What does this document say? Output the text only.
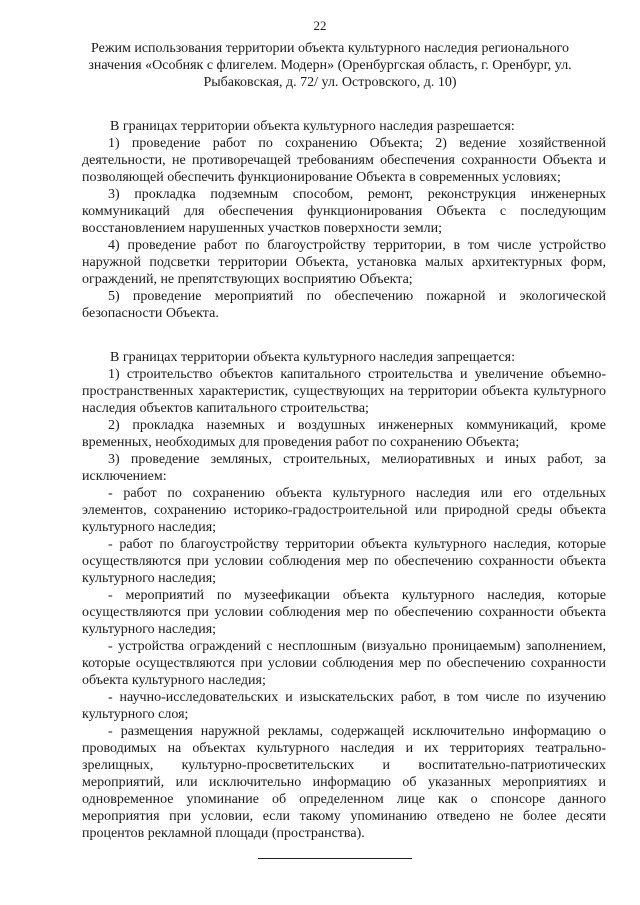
22
Режим использования территории объекта культурного наследия регионального значения «Особняк с флигелем. Модерн» (Оренбургская область, г. Оренбург, ул. Рыбаковская, д. 72/ ул. Островского, д. 10)

В границах территории объекта культурного наследия разрешается:

1) проведение работ по сохранению Объекта; 2) ведение хозяйственной деятельности, не противоречащей требованиям обеспечения сохранности Объекта и позволяющей обеспечить функционирование Объекта в современных условиях;

3) прокладка подземным способом, ремонт, реконструкция инженерных коммуникаций для обеспечения функционирования Объекта с последующим восстановлением нарушенных участков поверхности земли;

4) проведение работ по благоустройству территории, в том числе устройство наружной подсветки территории Объекта, установка малых архитектурных форм, ограждений, не препятствующих восприятию Объекта;

5) проведение мероприятий по обеспечению пожарной и экологической безопасности Объекта.

В границах территории объекта культурного наследия запрещается:

1) строительство объектов капитального строительства и увеличение объемно-пространственных характеристик, существующих на территории объекта культурного наследия объектов капитального строительства;

2) прокладка наземных и воздушных инженерных коммуникаций, кроме временных, необходимых для проведения работ по сохранению Объекта;

3) проведение земляных, строительных, мелиоративных и иных работ, за исключением:

- работ по сохранению объекта культурного наследия или его отдельных элементов, сохранению историко-градостроительной или природной среды объекта культурного наследия;

- работ по благоустройству территории объекта культурного наследия, которые осуществляются при условии соблюдения мер по обеспечению сохранности объекта культурного наследия;

- мероприятий по музеефикации объекта культурного наследия, которые осуществляются при условии соблюдения мер по обеспечению сохранности объекта культурного наследия;

- устройства ограждений с несплошным (визуально проницаемым) заполнением, которые осуществляются при условии соблюдения мер по обеспечению сохранности объекта культурного наследия;

- научно-исследовательских и изыскательских работ, в том числе по изучению культурного слоя;

- размещения наружной рекламы, содержащей исключительно информацию о проводимых на объектах культурного наследия и их территориях театрально-зрелищных, культурно-просветительских и воспитательно-патриотических мероприятий, или исключительно информацию об указанных мероприятиях и одновременное упоминание об определенном лице как о спонсоре данного мероприятия при условии, если такому упоминанию отведено не более десяти процентов рекламной площади (пространства).
